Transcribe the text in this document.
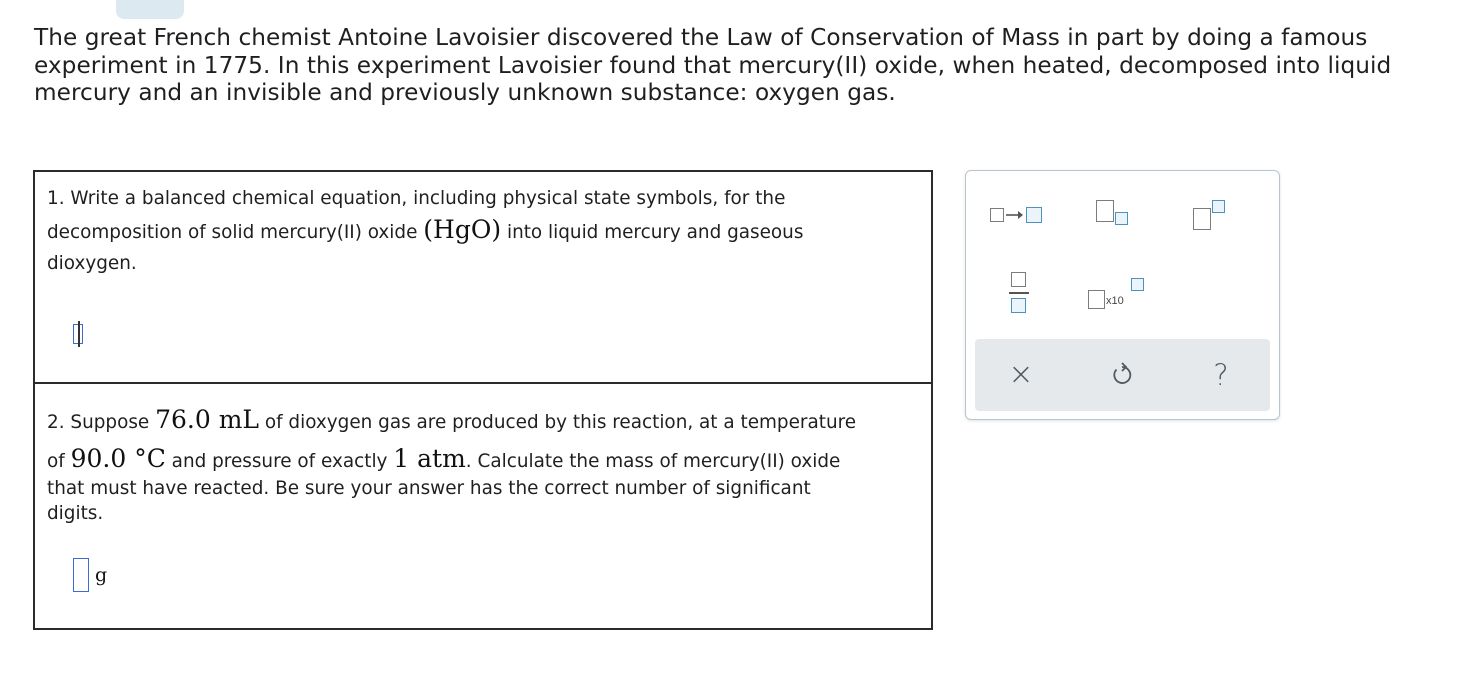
The great French chemist Antoine Lavoisier discovered the Law of Conservation of Mass in part by doing a famous
experiment in 1775. In this experiment Lavoisier found that mercury(II) oxide, when heated, decomposed into liquid
mercury and an invisible and previously unknown substance: oxygen gas.
1. Write a balanced chemical equation, including physical state symbols, for the
decomposition of solid mercury(II) oxide (HgO) into liquid mercury and gaseous
dioxygen.
2. Suppose 76.0 mL of dioxygen gas are produced by this reaction, at a temperature
of 90.0 °C and pressure of exactly 1 atm. Calculate the mass of mercury(II) oxide
that must have reacted. Be sure your answer has the correct number of significant
digits.
g
x10
×	?
